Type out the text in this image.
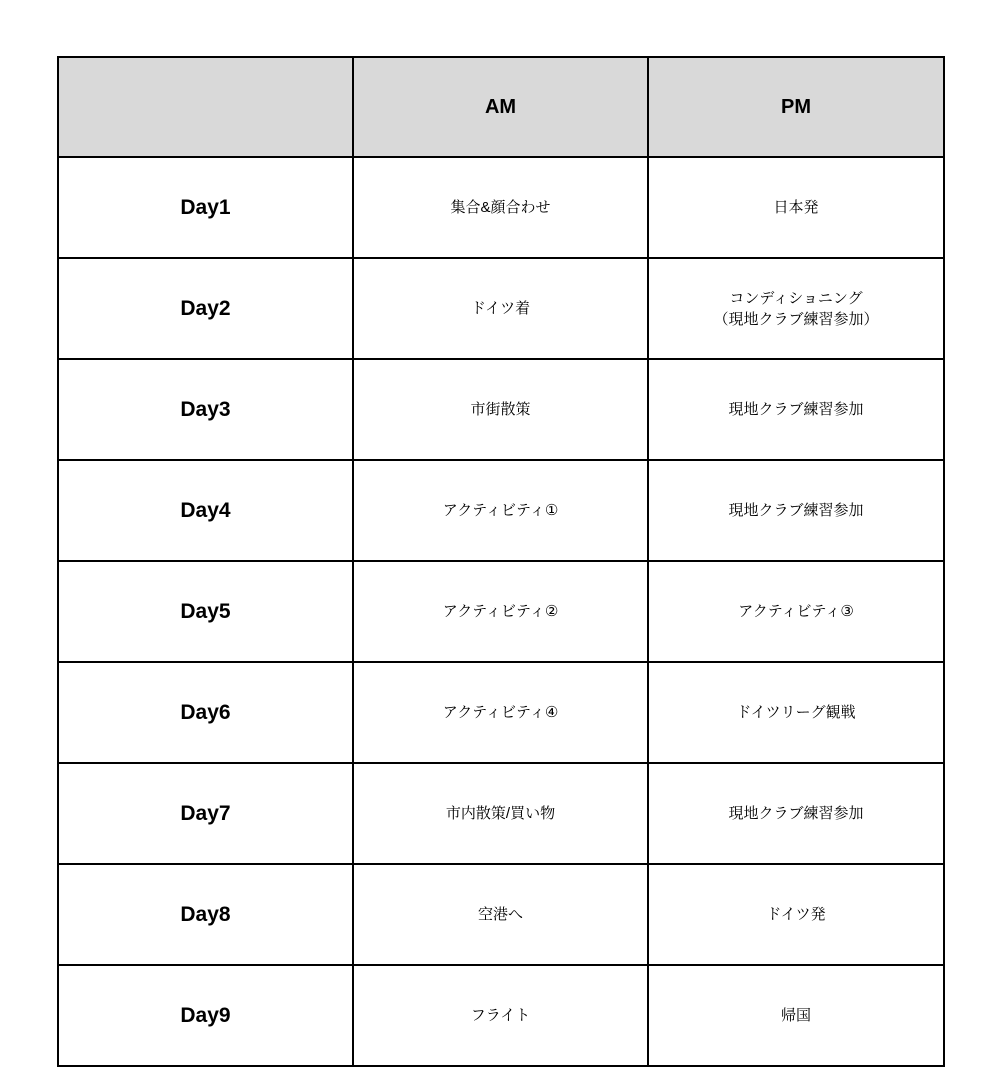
	AM	PM
Day1	集合&顔合わせ	日本発
Day2	ドイツ着	コンディショニング
（現地クラブ練習参加）
Day3	市街散策	現地クラブ練習参加
Day4	アクティビティ①	現地クラブ練習参加
Day5	アクティビティ②	アクティビティ③
Day6	アクティビティ④	ドイツリーグ観戦
Day7	市内散策/買い物	現地クラブ練習参加
Day8	空港へ	ドイツ発
Day9	フライト	帰国
